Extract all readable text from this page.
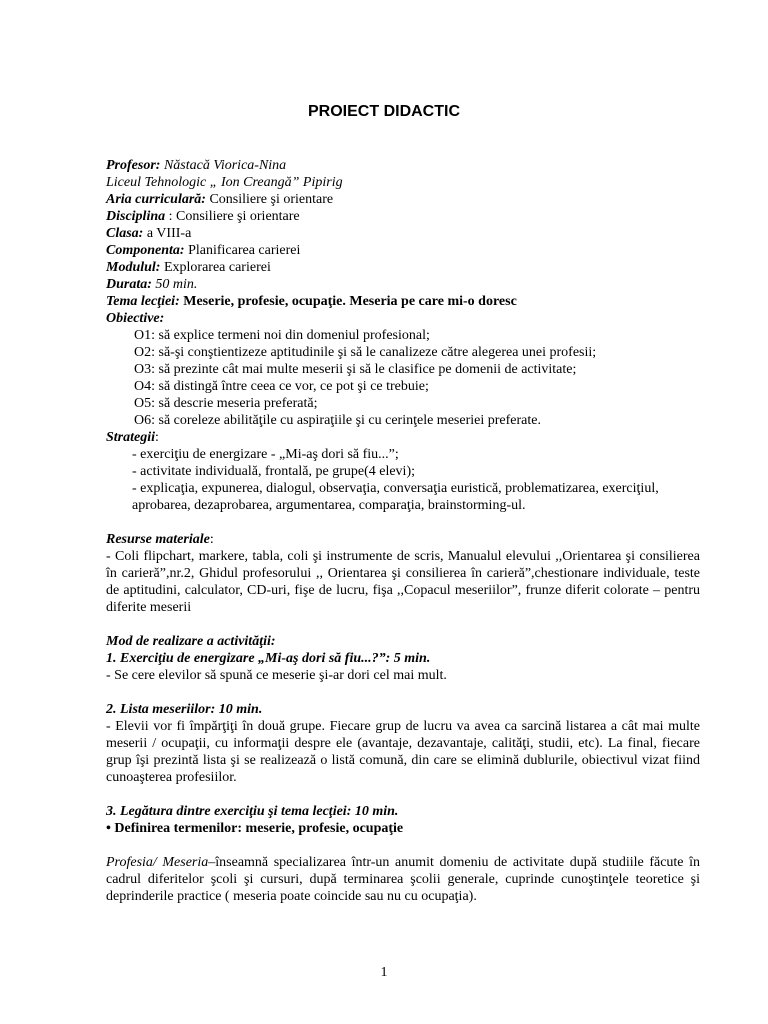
PROIECT DIDACTIC
Profesor: Năstacă Viorica-Nina
Liceul Tehnologic „ Ion Creangă” Pipirig
Aria curriculară: Consiliere şi orientare
Disciplina : Consiliere şi orientare
Clasa: a VIII-a
Componenta: Planificarea carierei
Modulul: Explorarea carierei
Durata: 50 min.
Tema lecţiei: Meserie, profesie, ocupaţie. Meseria pe care mi-o doresc
Obiective:
O1: să explice termeni noi din domeniul profesional;
O2: să-şi conştientizeze aptitudinile şi să le canalizeze către alegerea unei profesii;
O3: să prezinte cât mai multe meserii şi să le clasifice pe domenii de activitate;
O4: să distingă între ceea ce vor, ce pot şi ce trebuie;
O5: să descrie meseria preferată;
O6: să coreleze abilităţile cu aspiraţiile şi cu cerinţele meseriei preferate.
Strategii:
- exerciţiu de energizare - „Mi-aş dori să fiu...”;
- activitate individuală, frontală, pe grupe(4 elevi);
- explicaţia, expunerea, dialogul, observaţia, conversaţia euristică, problematizarea, exerciţiul, aprobarea, dezaprobarea, argumentarea, comparaţia, brainstorming-ul.
Resurse materiale:
- Coli flipchart, markere, tabla, coli şi instrumente de scris, Manualul elevului ,,Orientarea şi consilierea în carieră”,nr.2, Ghidul profesorului ,, Orientarea şi consilierea în carieră”,chestionare individuale, teste de aptitudini, calculator, CD-uri, fişe de lucru, fişa ,,Copacul meseriilor”, frunze diferit colorate – pentru diferite meserii
Mod de realizare a activităţii:
1. Exerciţiu de energizare „Mi-aş dori să fiu...?”: 5 min.
- Se cere elevilor să spună ce meserie şi-ar dori cel mai mult.
2. Lista meseriilor: 10 min.
- Elevii vor fi împărţiţi în două grupe. Fiecare grup de lucru va avea ca sarcină listarea a cât mai multe meserii / ocupaţii, cu informaţii despre ele (avantaje, dezavantaje, calităţi, studii, etc). La final, fiecare grup îşi prezintă lista şi se realizează o listă comună, din care se elimină dublurile, obiectivul vizat fiind cunoaşterea profesiilor.
3. Legătura dintre exerciţiu şi tema lecţiei: 10 min.
• Definirea termenilor: meserie, profesie, ocupaţie
Profesia/ Meseria–înseamnă specializarea într-un anumit domeniu de activitate după studiile făcute în cadrul diferitelor şcoli şi cursuri, după terminarea şcolii generale, cuprinde cunoştinţele teoretice şi deprinderile practice ( meseria poate coincide sau nu cu ocupaţia).
1
